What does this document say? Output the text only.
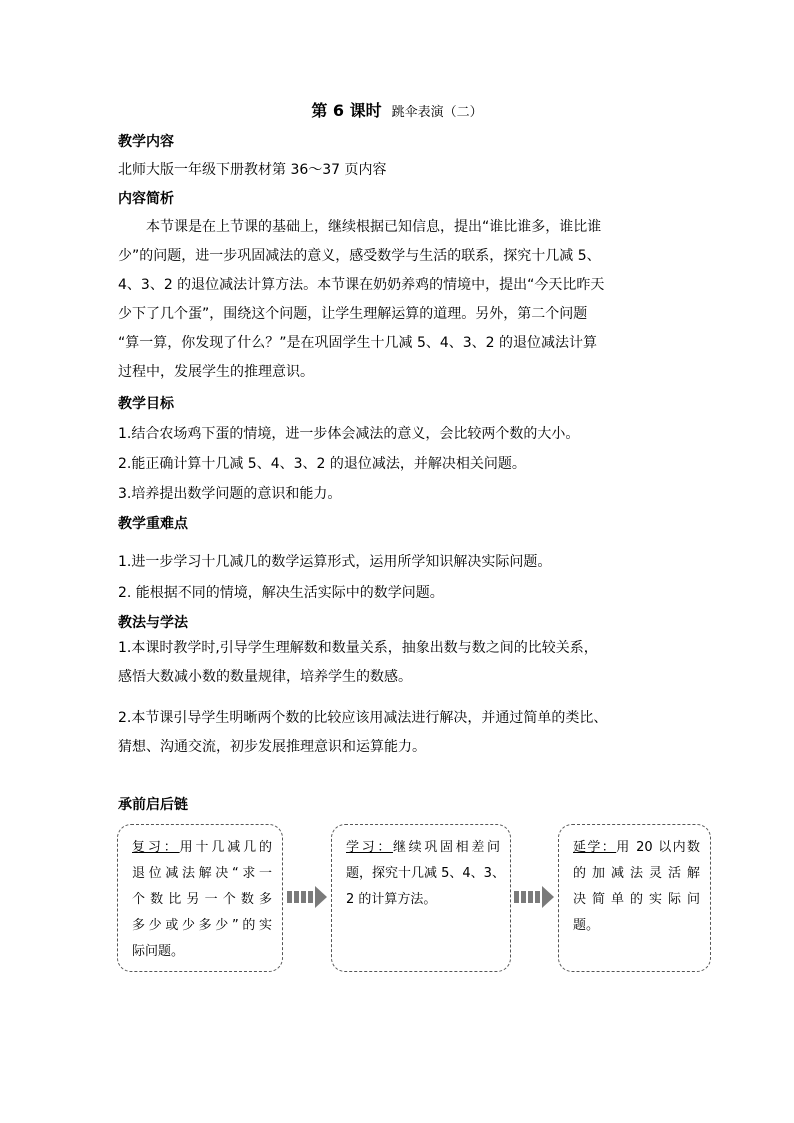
第 6 课时 跳伞表演（二）
教学内容
北师大版一年级下册教材第 36～37 页内容
内容简析
　　本节课是在上节课的基础上，继续根据已知信息，提出“谁比谁多，谁比谁
少”的问题，进一步巩固减法的意义，感受数学与生活的联系，探究十几减 5、
4、3、2 的退位减法计算方法。本节课在奶奶养鸡的情境中，提出“今天比昨天
少下了几个蛋”，围绕这个问题，让学生理解运算的道理。另外，第二个问题
“算一算，你发现了什么？”是在巩固学生十几减 5、4、3、2 的退位减法计算
过程中，发展学生的推理意识。
教学目标
1.结合农场鸡下蛋的情境，进一步体会减法的意义，会比较两个数的大小。
2.能正确计算十几减 5、4、3、2 的退位减法，并解决相关问题。
3.培养提出数学问题的意识和能力。
教学重难点
1.进一步学习十几减几的数学运算形式，运用所学知识解决实际问题。
2. 能根据不同的情境，解决生活实际中的数学问题。
教法与学法
1.本课时教学时,引导学生理解数和数量关系，抽象出数与数之间的比较关系，
感悟大数减小数的数量规律，培养学生的数感。
2.本节课引导学生明晰两个数的比较应该用减法进行解决，并通过简单的类比、
猜想、沟通交流，初步发展推理意识和运算能力。
承前启后链
复习：用十几减几的
退位减法解决“求一
个数比另一个数多
多少或少多少”的实
际问题。
学习：继续巩固相差问
题，探究十几减 5、4、3、
2 的计算方法。
延学：用 20 以内数
的加减法灵活解
决简单的实际问
题。
